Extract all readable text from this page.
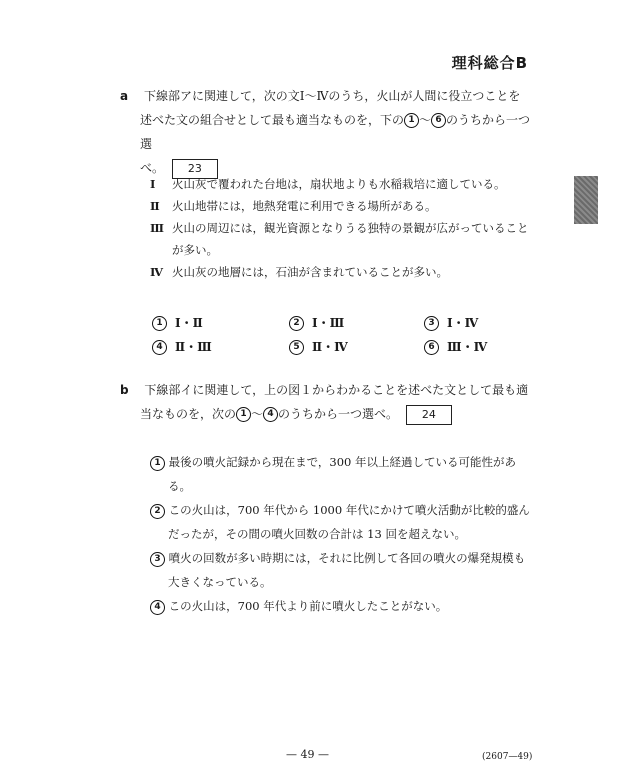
理科総合B
a 下線部アに関連して，次の文Ⅰ～Ⅳのうち，火山が人間に役立つことを
述べた文の組合せとして最も適当なものを，下の 1 ～ 6 のうちから一つ選
べ。 23
Ⅰ 火山灰で覆われた台地は，扇状地よりも水稲栽培に適している。
Ⅱ 火山地帯には，地熱発電に利用できる場所がある。
Ⅲ 火山の周辺には，観光資源となりうる独特の景観が広がっていること
が多い。
Ⅳ 火山灰の地層には，石油が含まれていることが多い。
1 Ⅰ・Ⅱ	2 Ⅰ・Ⅲ	3 Ⅰ・Ⅳ
4 Ⅱ・Ⅲ	5 Ⅱ・Ⅳ	6 Ⅲ・Ⅳ
b 下線部イに関連して，上の図１からわかることを述べた文として最も適
当なものを，次の 1 ～ 4 のうちから一つ選べ。 24
1 最後の噴火記録から現在まで，300 年以上経過している可能性があ
る。
2 この火山は，700 年代から 1000 年代にかけて噴火活動が比較的盛ん
だったが，その間の噴火回数の合計は 13 回を超えない。
3 噴火の回数が多い時期には，それに比例して各回の噴火の爆発規模も
大きくなっている。
4 この火山は，700 年代より前に噴火したことがない。
— 49 —	(2607—49)
